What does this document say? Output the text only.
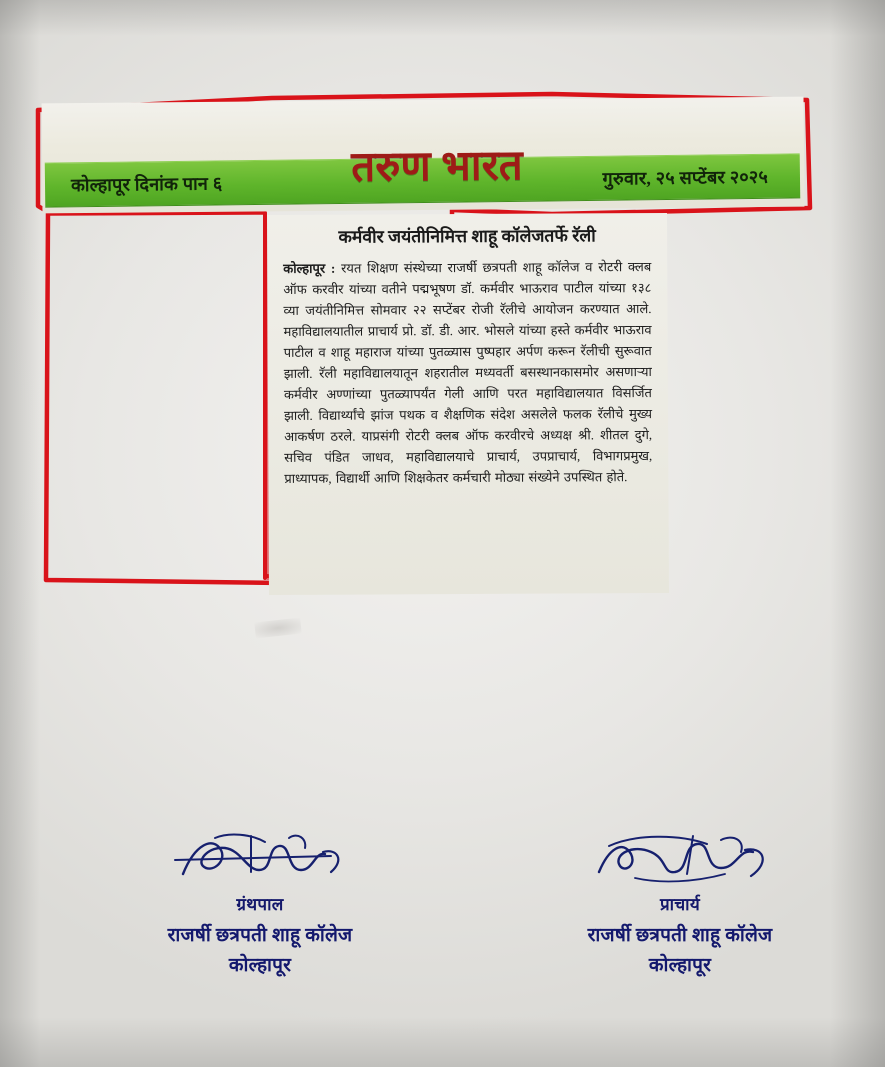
कोल्हापूर दिनांक पान ६	गुरुवार, २५ सप्टेंबर २०२५
तरुण भारत
कर्मवीर जयंतीनिमित्त शाहू कॉलेजतर्फे रॅली
कोल्हापूर : रयत शिक्षण संस्थेच्या राजर्षी छत्रपती शाहू कॉलेज व रोटरी क्लब ऑफ करवीर यांच्या वतीने पद्मभूषण डॉ. कर्मवीर भाऊराव पाटील यांच्या १३८ व्या जयंतीनिमित्त सोमवार २२ सप्टेंबर रोजी रॅलीचे आयोजन करण्यात आले. महाविद्यालयातील प्राचार्य प्रो. डॉ. डी. आर. भोसले यांच्या हस्ते कर्मवीर भाऊराव पाटील व शाहू महाराज यांच्या पुतळ्यास पुष्पहार अर्पण करून रॅलीची सुरूवात झाली. रॅली महाविद्यालयातून शहरातील मध्यवर्ती बसस्थानकासमोर असणाऱ्या कर्मवीर अण्णांच्या पुतळ्यापर्यंत गेली आणि परत महाविद्यालयात विसर्जित झाली. विद्यार्थ्यांचे झांज पथक व शैक्षणिक संदेश असलेले फलक रॅलीचे मुख्य आकर्षण ठरले. याप्रसंगी रोटरी क्लब ऑफ करवीरचे अध्यक्ष श्री. शीतल दुगे, सचिव पंडित जाधव, महाविद्यालयाचे प्राचार्य, उपप्राचार्य, विभागप्रमुख, प्राध्यापक, विद्यार्थी आणि शिक्षकेतर कर्मचारी मोठ्या संख्येने उपस्थित होते.
ग्रंथपाल
राजर्षी छत्रपती शाहू कॉलेज
कोल्हापूर
प्राचार्य
राजर्षी छत्रपती शाहू कॉलेज
कोल्हापूर
